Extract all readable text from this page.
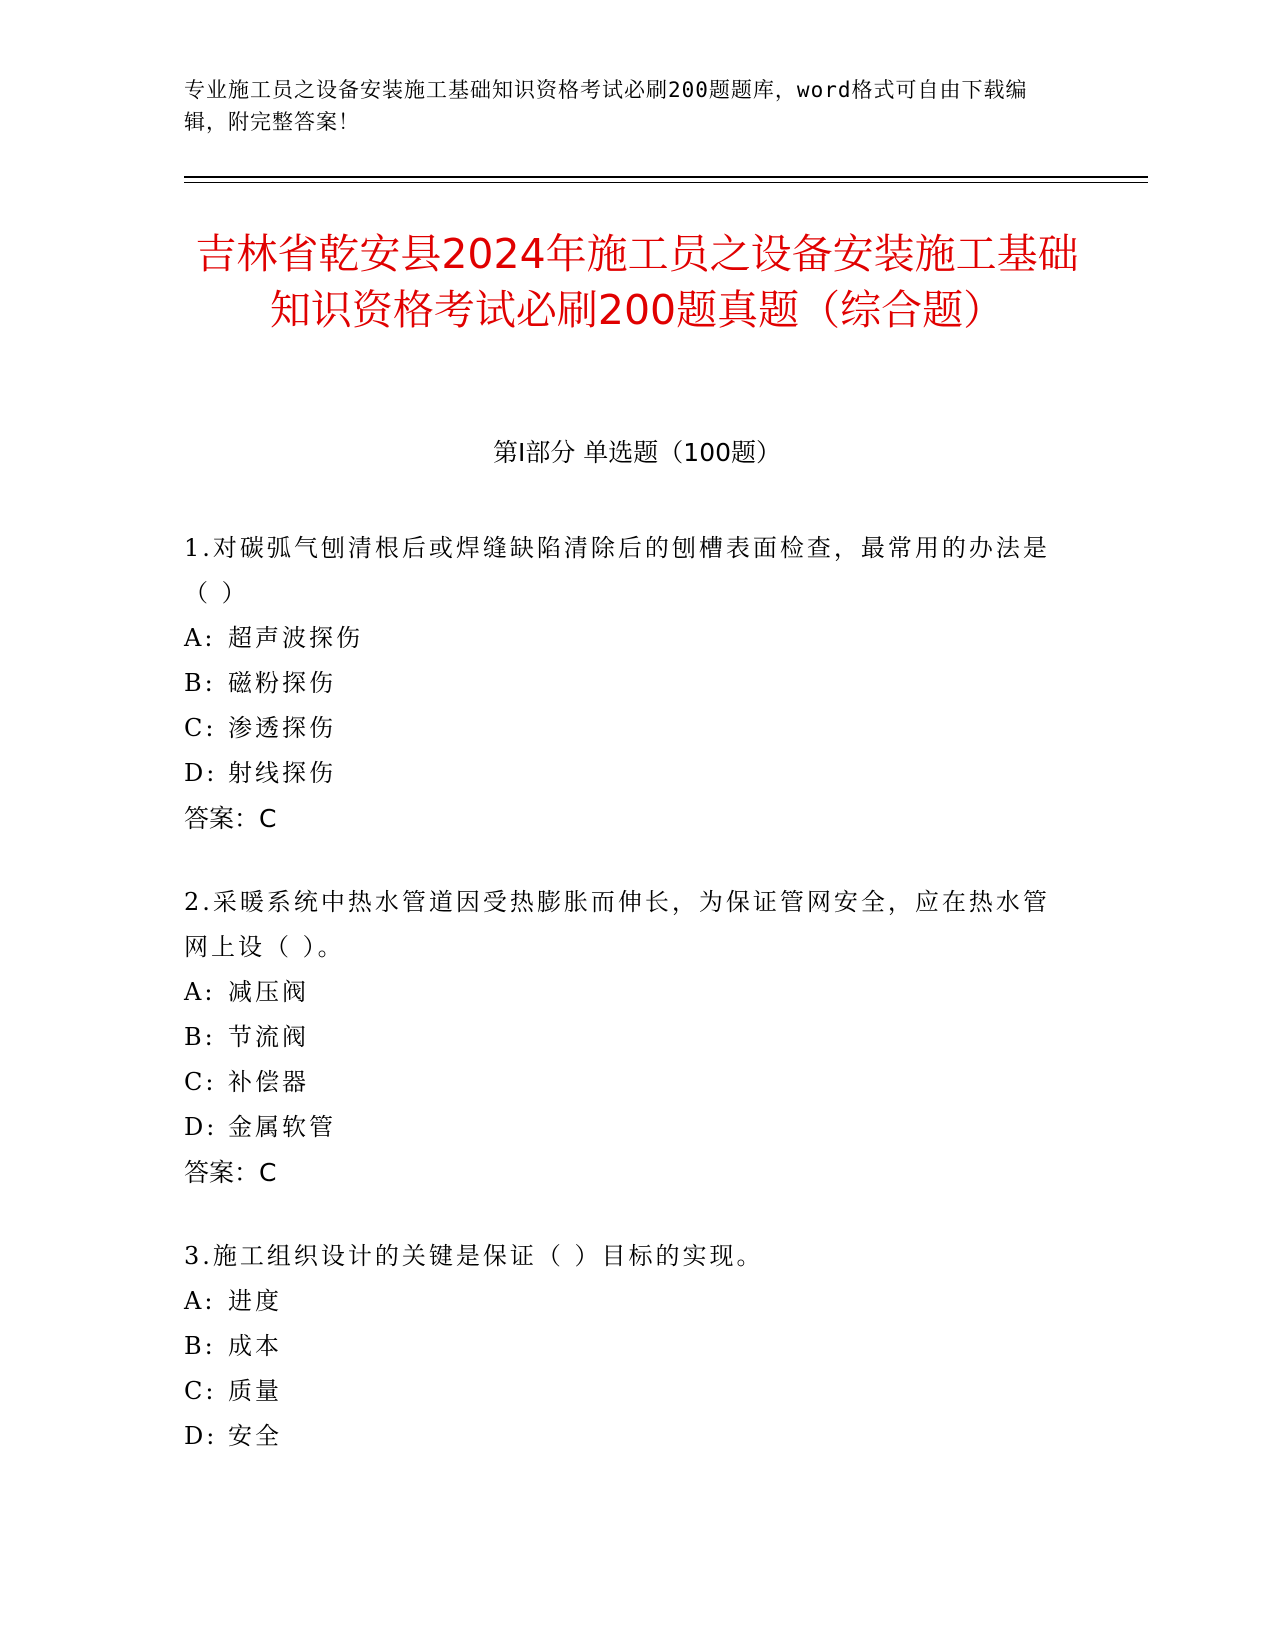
专业施工员之设备安装施工基础知识资格考试必刷200题题库，word格式可自由下载编辑，附完整答案！
吉林省乾安县2024年施工员之设备安装施工基础知识资格考试必刷200题真题（综合题）
第Ⅰ部分 单选题（100题）

1.对碳弧气刨清根后或焊缝缺陷清除后的刨槽表面检查，最常用的办法是（ ）

A: 超声波探伤

B: 磁粉探伤

C: 渗透探伤

D: 射线探伤

答案：C

2.采暖系统中热水管道因受热膨胀而伸长，为保证管网安全，应在热水管网上设（ ）。

A: 减压阀

B: 节流阀

C: 补偿器

D: 金属软管

答案：C

3.施工组织设计的关键是保证（ ）目标的实现。

A: 进度

B: 成本

C: 质量

D: 安全
